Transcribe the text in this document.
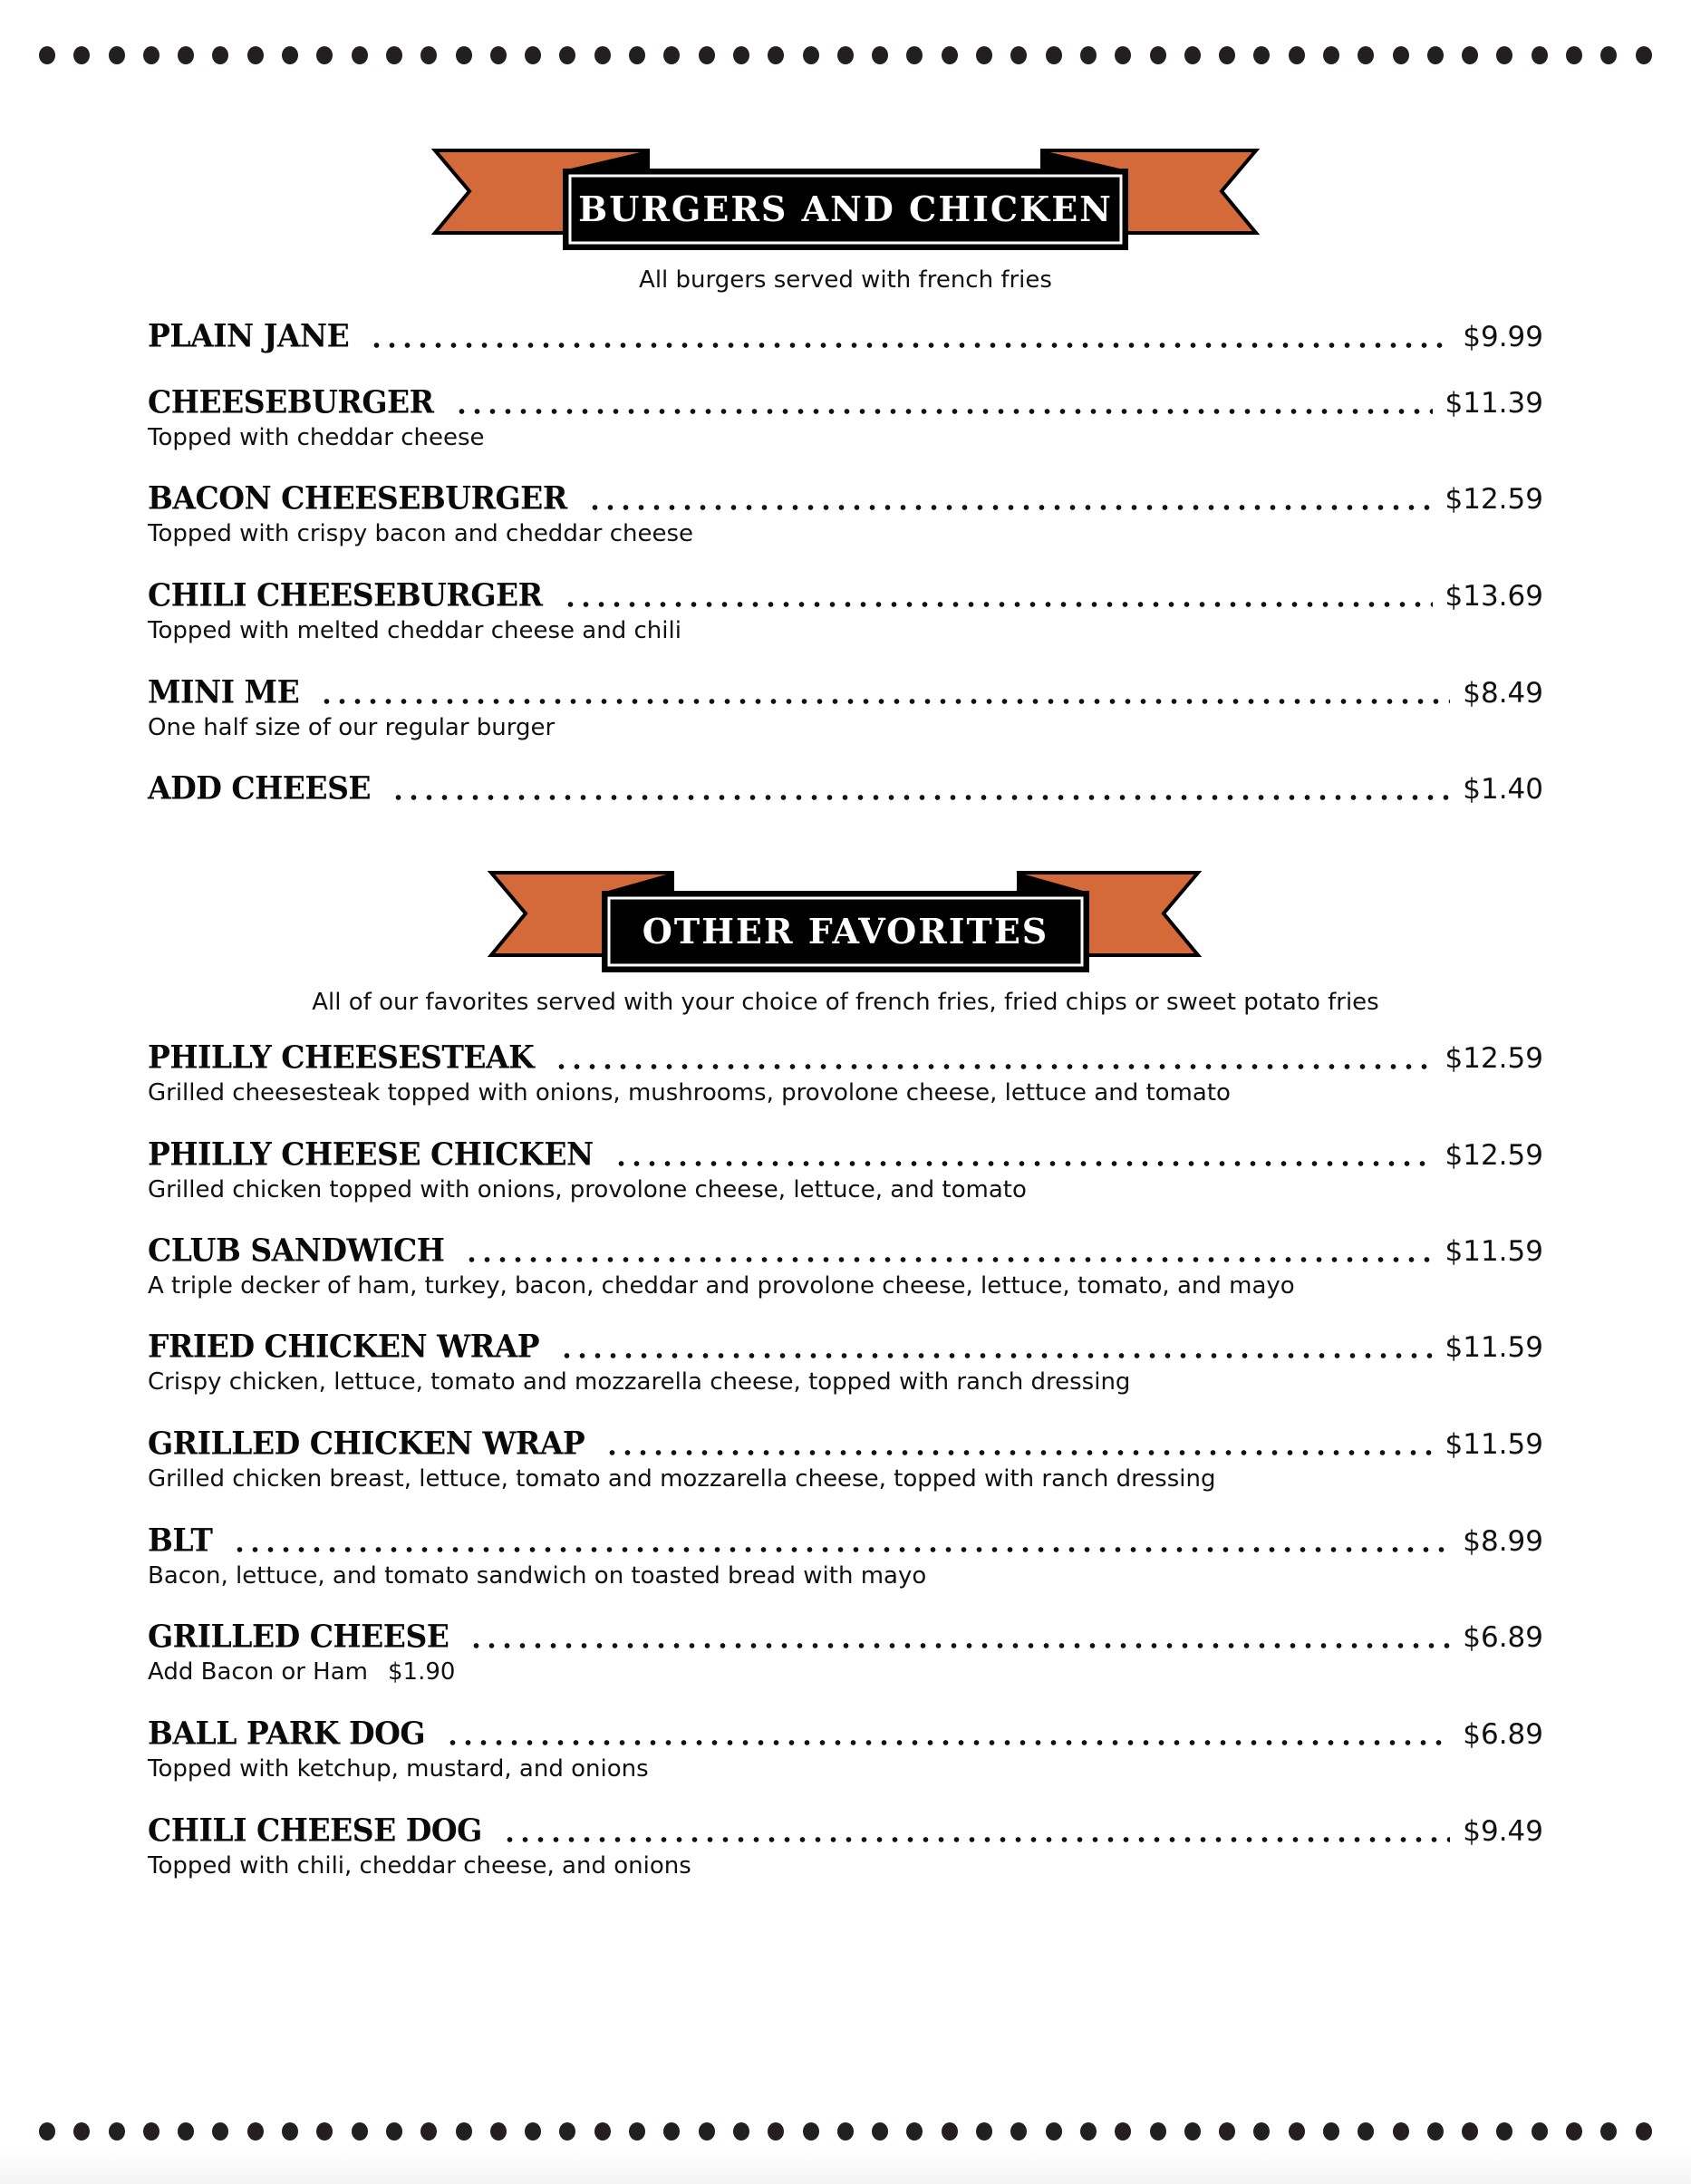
BURGERS AND CHICKEN
All burgers served with french fries
PLAIN JANE	$9.99
CHEESEBURGER	$11.39
Topped with cheddar cheese
BACON CHEESEBURGER	$12.59
Topped with crispy bacon and cheddar cheese
CHILI CHEESEBURGER	$13.69
Topped with melted cheddar cheese and chili
MINI ME	$8.49
One half size of our regular burger
ADD CHEESE	$1.40
OTHER FAVORITES
All of our favorites served with your choice of french fries, fried chips or sweet potato fries
PHILLY CHEESESTEAK	$12.59
Grilled cheesesteak topped with onions, mushrooms, provolone cheese, lettuce and tomato
PHILLY CHEESE CHICKEN	$12.59
Grilled chicken topped with onions, provolone cheese, lettuce, and tomato
CLUB SANDWICH	$11.59
A triple decker of ham, turkey, bacon, cheddar and provolone cheese, lettuce, tomato, and mayo
FRIED CHICKEN WRAP	$11.59
Crispy chicken, lettuce, tomato and mozzarella cheese, topped with ranch dressing
GRILLED CHICKEN WRAP	$11.59
Grilled chicken breast, lettuce, tomato and mozzarella cheese, topped with ranch dressing
BLT	$8.99
Bacon, lettuce, and tomato sandwich on toasted bread with mayo
GRILLED CHEESE	$6.89
Add Bacon or Ham $1.90
BALL PARK DOG	$6.89
Topped with ketchup, mustard, and onions
CHILI CHEESE DOG	$9.49
Topped with chili, cheddar cheese, and onions
